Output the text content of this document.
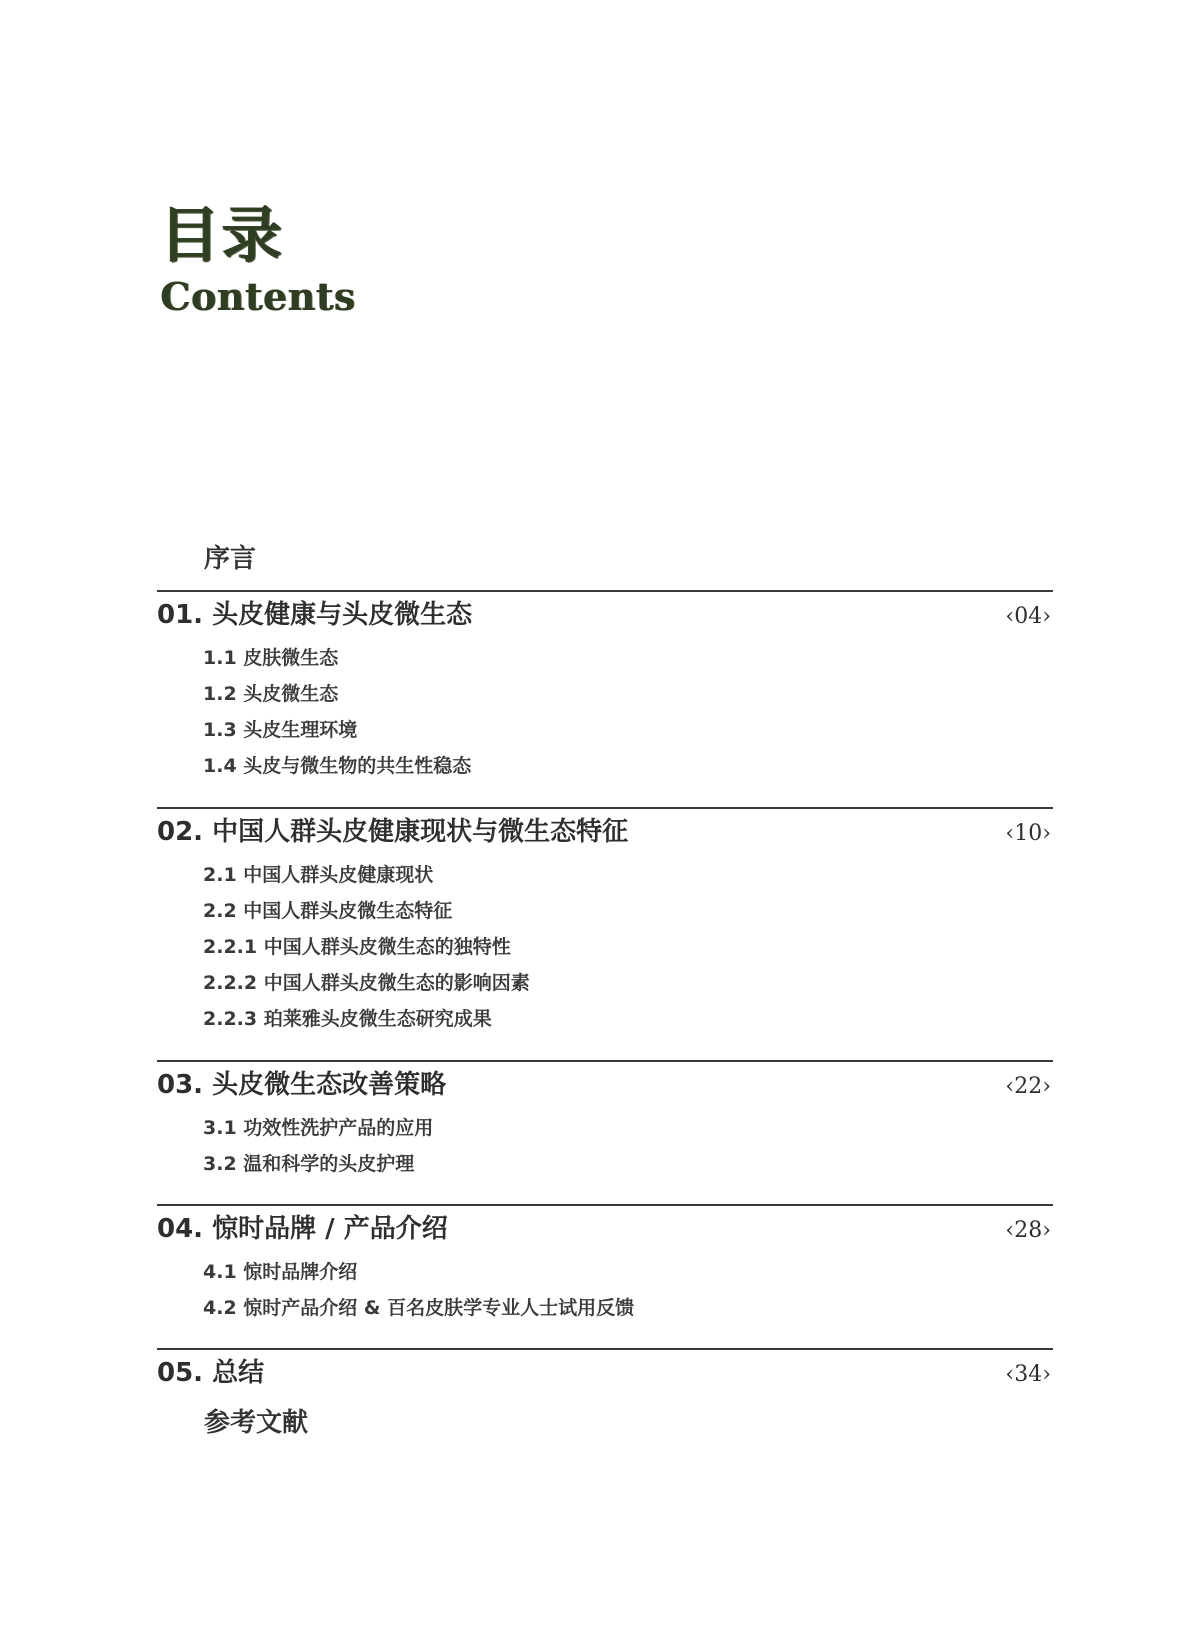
目录
Contents
序言
01. 头皮健康与头皮微生态	‹04›
1.1 皮肤微生态
1.2 头皮微生态
1.3 头皮生理环境
1.4 头皮与微生物的共生性稳态
02. 中国人群头皮健康现状与微生态特征	‹10›
2.1 中国人群头皮健康现状
2.2 中国人群头皮微生态特征
2.2.1 中国人群头皮微生态的独特性
2.2.2 中国人群头皮微生态的影响因素
2.2.3 珀莱雅头皮微生态研究成果
03. 头皮微生态改善策略	‹22›
3.1 功效性洗护产品的应用
3.2 温和科学的头皮护理
04. 惊时品牌 / 产品介绍	‹28›
4.1 惊时品牌介绍
4.2 惊时产品介绍 & 百名皮肤学专业人士试用反馈
05. 总结	‹34›
参考文献
